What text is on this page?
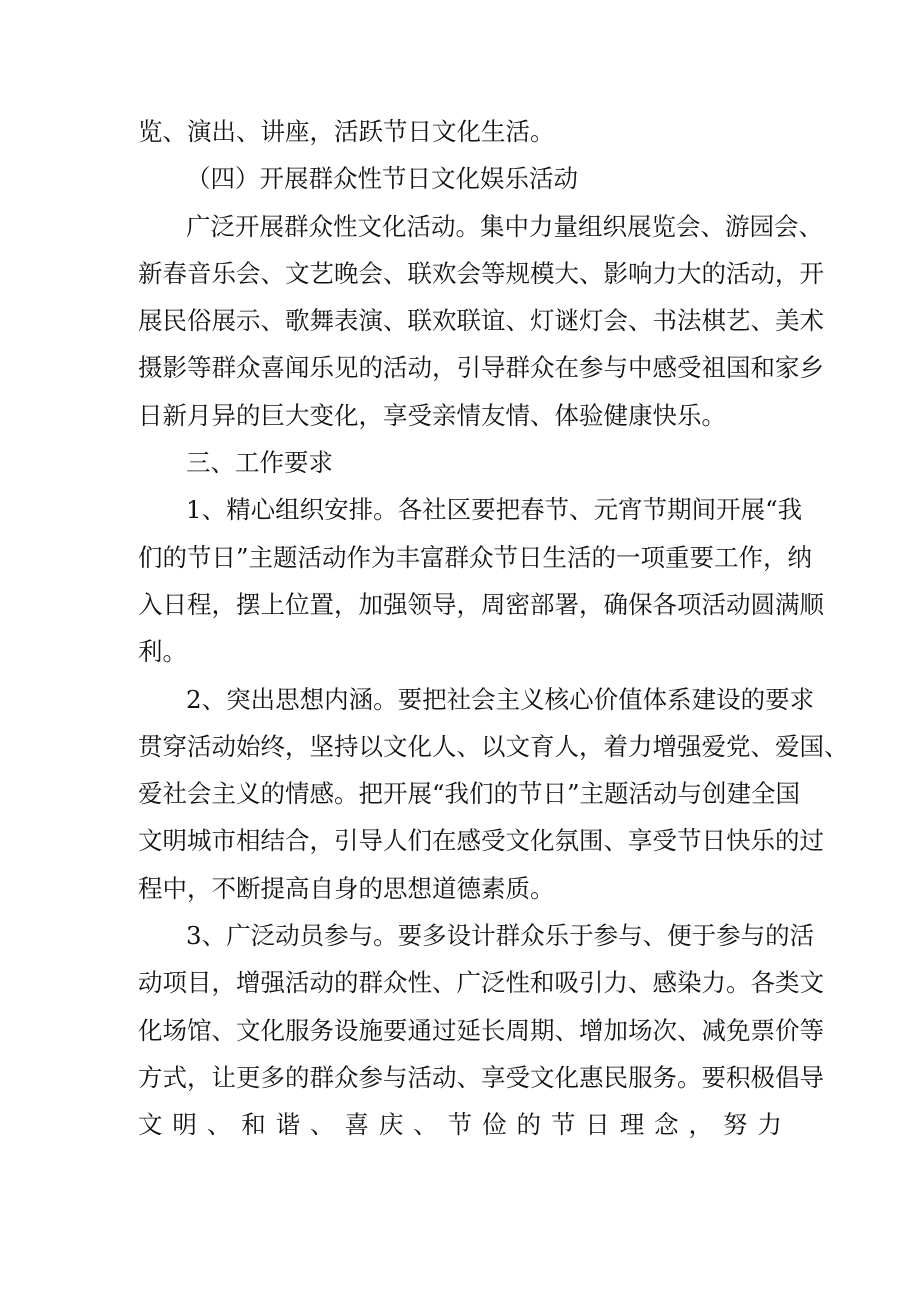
览、演出、讲座，活跃节日文化生活。
（四）开展群众性节日文化娱乐活动
广泛开展群众性文化活动。集中力量组织展览会、游园会、
新春音乐会、文艺晚会、联欢会等规模大、影响力大的活动，开
展民俗展示、歌舞表演、联欢联谊、灯谜灯会、书法棋艺、美术
摄影等群众喜闻乐见的活动，引导群众在参与中感受祖国和家乡
日新月异的巨大变化，享受亲情友情、体验健康快乐。
三、工作要求
1、精心组织安排。各社区要把春节、元宵节期间开展“我
们的节日”主题活动作为丰富群众节日生活的一项重要工作，纳
入日程，摆上位置，加强领导，周密部署，确保各项活动圆满顺
利。
2、突出思想内涵。要把社会主义核心价值体系建设的要求
贯穿活动始终，坚持以文化人、以文育人，着力增强爱党、爱国、
爱社会主义的情感。把开展“我们的节日”主题活动与创建全国
文明城市相结合，引导人们在感受文化氛围、享受节日快乐的过
程中，不断提高自身的思想道德素质。
3、广泛动员参与。要多设计群众乐于参与、便于参与的活
动项目，增强活动的群众性、广泛性和吸引力、感染力。各类文
化场馆、文化服务设施要通过延长周期、增加场次、减免票价等
方式，让更多的群众参与活动、享受文化惠民服务。要积极倡导
文 明 、 和 谐 、 喜 庆 、 节 俭 的 节 日 理 念 ， 努 力
